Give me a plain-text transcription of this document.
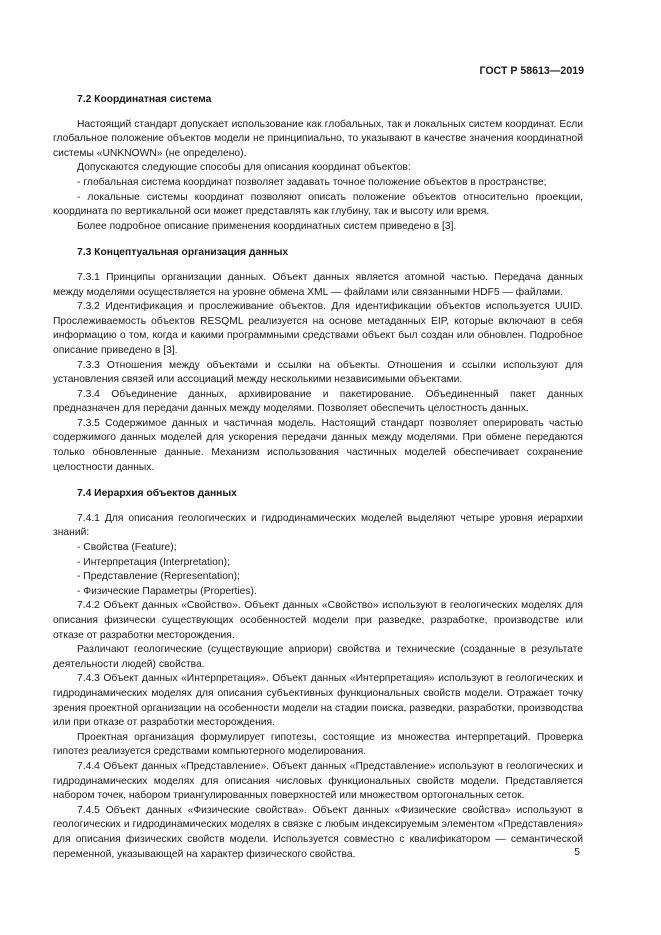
ГОСТ Р 58613—2019

7.2 Координатная система

Настоящий стандарт допускает использование как глобальных, так и локальных систем координат. Если глобальное положение объектов модели не принципиально, то указывают в качестве значения координатной системы «UNKNOWN» (не определено).

Допускаются следующие способы для описания координат объектов:

- глобальная система координат позволяет задавать точное положение объектов в пространстве;

- локальные системы координат позволяют описать положение объектов относительно проекции, координата по вертикальной оси может представлять как глубину, так и высоту или время.

Более подробное описание применения координатных систем приведено в [3].

7.3 Концептуальная организация данных

7.3.1 Принципы организации данных. Объект данных является атомной частью. Передача данных между моделями осуществляется на уровне обмена XML — файлами или связанными HDF5 — файлами.

7.3.2 Идентификация и прослеживание объектов. Для идентификации объектов используется UUID. Прослеживаемость объектов RESQML реализуется на основе метаданных EIP, которые включают в себя информацию о том, когда и какими программными средствами объект был создан или обновлен. Подробное описание приведено в [3].

7.3.3 Отношения между объектами и ссылки на объекты. Отношения и ссылки используют для установления связей или ассоциаций между несколькими независимыми объектами.

7.3.4 Объединение данных, архивирование и пакетирование. Объединенный пакет данных предназначен для передачи данных между моделями. Позволяет обеспечить целостность данных.

7.3.5 Содержимое данных и частичная модель. Настоящий стандарт позволяет оперировать частью содержимого данных моделей для ускорения передачи данных между моделями. При обмене передаются только обновленные данные. Механизм использования частичных моделей обеспечивает сохранение целостности данных.

7.4 Иерархия объектов данных

7.4.1 Для описания геологических и гидродинамических моделей выделяют четыре уровня иерархии знаний:

- Свойства (Feature);

- Интерпретация (Interpretation);

- Представление (Representation);

- Физические Параметры (Properties).

7.4.2 Объект данных «Свойство». Объект данных «Свойство» используют в геологических моделях для описания физически существующих особенностей модели при разведке, разработке, производстве или отказе от разработки месторождения.

Различают геологические (существующие априори) свойства и технические (созданные в результате деятельности людей) свойства.

7.4.3 Объект данных «Интерпретация». Объект данных «Интерпретация» используют в геологических и гидродинамических моделях для описания субъективных функциональных свойств модели. Отражает точку зрения проектной организации на особенности модели на стадии поиска, разведки, разработки, производства или при отказе от разработки месторождения.

Проектная организация формулирует гипотезы, состоящие из множества интерпретаций. Проверка гипотез реализуется средствами компьютерного моделирования.

7.4.4 Объект данных «Представление». Объект данных «Представление» используют в геологических и гидродинамических моделях для описания числовых функциональных свойств модели. Представляется набором точек, набором триангулированных поверхностей или множеством ортогональных сеток.

7.4.5 Объект данных «Физические свойства». Объект данных «Физические свойства» используют в геологических и гидродинамических моделях в связке с любым индексируемым элементом «Представления» для описания физических свойств модели. Используется совместно с квалификатором — семантической переменной, указывающей на характер физического свойства.	5
